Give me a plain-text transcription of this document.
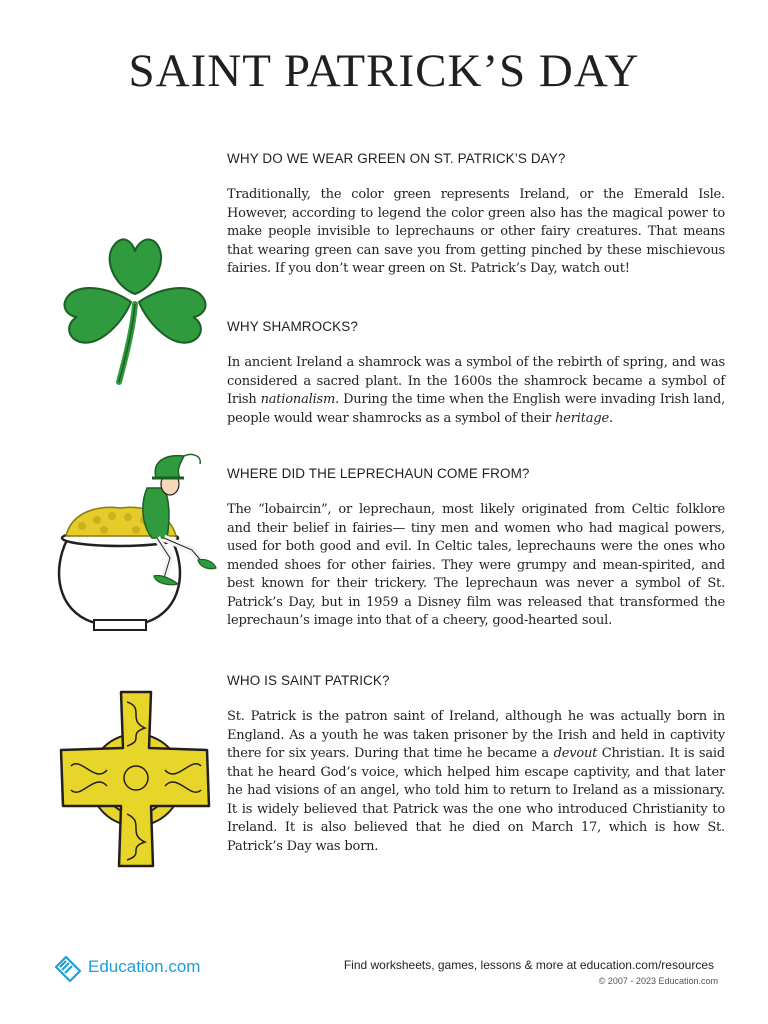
SAINT PATRICK’S DAY
WHY DO WE WEAR GREEN ON ST. PATRICK’S DAY?

Traditionally, the color green represents Ireland, or the Emerald Isle. However, according to legend the color green also has the magical power to make people invisible to leprechauns or other fairy creatures. That means that wearing green can save you from getting pinched by these mischievous fairies. If you don’t wear green on St. Patrick’s Day, watch out!

WHY SHAMROCKS?

In ancient Ireland a shamrock was a symbol of the rebirth of spring, and was considered a sacred plant. In the 1600s the shamrock became a symbol of Irish nationalism. During the time when the English were invading Irish land, people would wear shamrocks as a symbol of their heritage.

WHERE DID THE LEPRECHAUN COME FROM?

The “lobaircin”, or leprechaun, most likely originated from Celtic folklore and their belief in fairies— tiny men and women who had magical powers, used for both good and evil. In Celtic tales, leprechauns were the ones who mended shoes for other fairies. They were grumpy and mean-spirited, and best known for their trickery. The leprechaun was never a symbol of St. Patrick’s Day, but in 1959 a Disney film was released that transformed the leprechaun’s image into that of a cheery, good-hearted soul.

WHO IS SAINT PATRICK?

St. Patrick is the patron saint of Ireland, although he was actually born in England. As a youth he was taken prisoner by the Irish and held in captivity there for six years. During that time he became a devout Christian. It is said that he heard God’s voice, which helped him escape captivity, and that later he had visions of an angel, who told him to return to Ireland as a missionary. It is widely believed that Patrick was the one who introduced Christianity to Ireland. It is also believed that he died on March 17, which is how St. Patrick’s Day was born.

Education.com	Find worksheets, games, lessons & more at education.com/resources
© 2007 - 2023 Education.com
